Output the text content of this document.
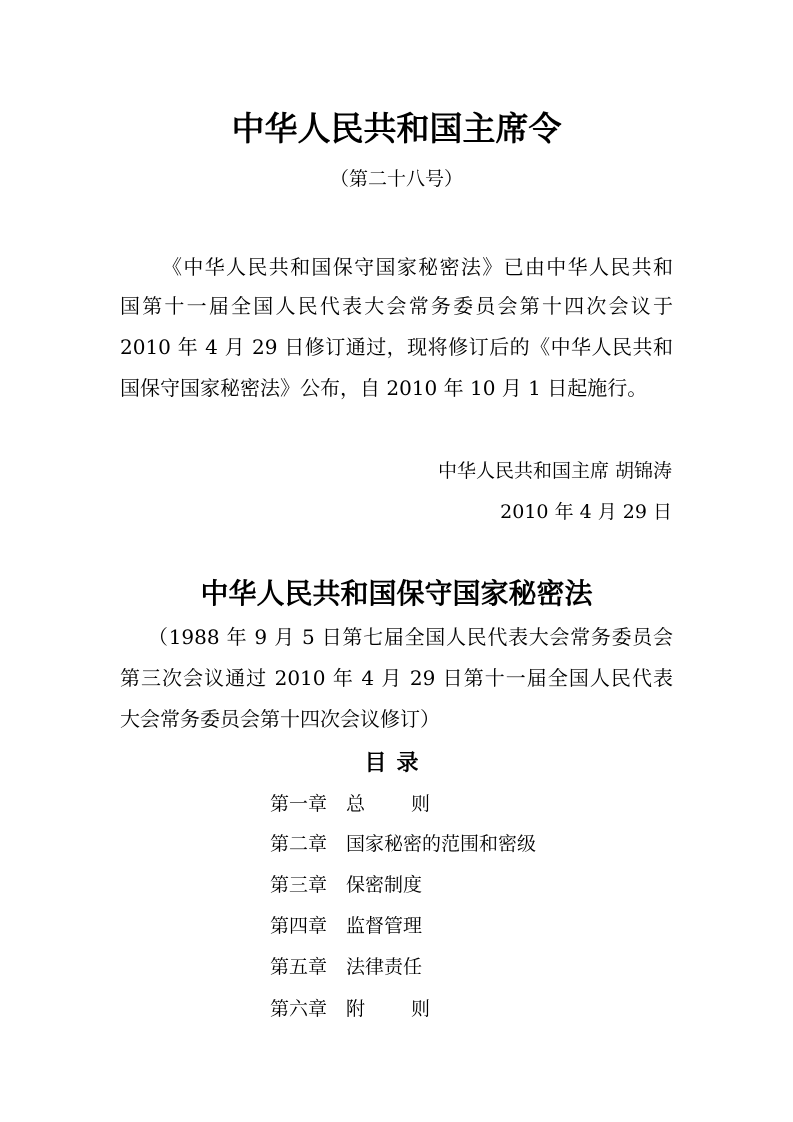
中华人民共和国主席令
（第二十八号）
《中华人民共和国保守国家秘密法》已由中华人民共和
国第十一届全国人民代表大会常务委员会第十四次会议于
2010 年 4 月 29 日修订通过，现将修订后的《中华人民共和
国保守国家秘密法》公布，自 2010 年 10 月 1 日起施行。
中华人民共和国主席 胡锦涛
2010 年 4 月 29 日
中华人民共和国保守国家秘密法
（1988 年 9 月 5 日第七届全国人民代表大会常务委员会
第三次会议通过 2010 年 4 月 29 日第十一届全国人民代表
大会常务委员会第十四次会议修订）
目录
第一章 总则
第二章 国家秘密的范围和密级
第三章 保密制度
第四章 监督管理
第五章 法律责任
第六章 附则
